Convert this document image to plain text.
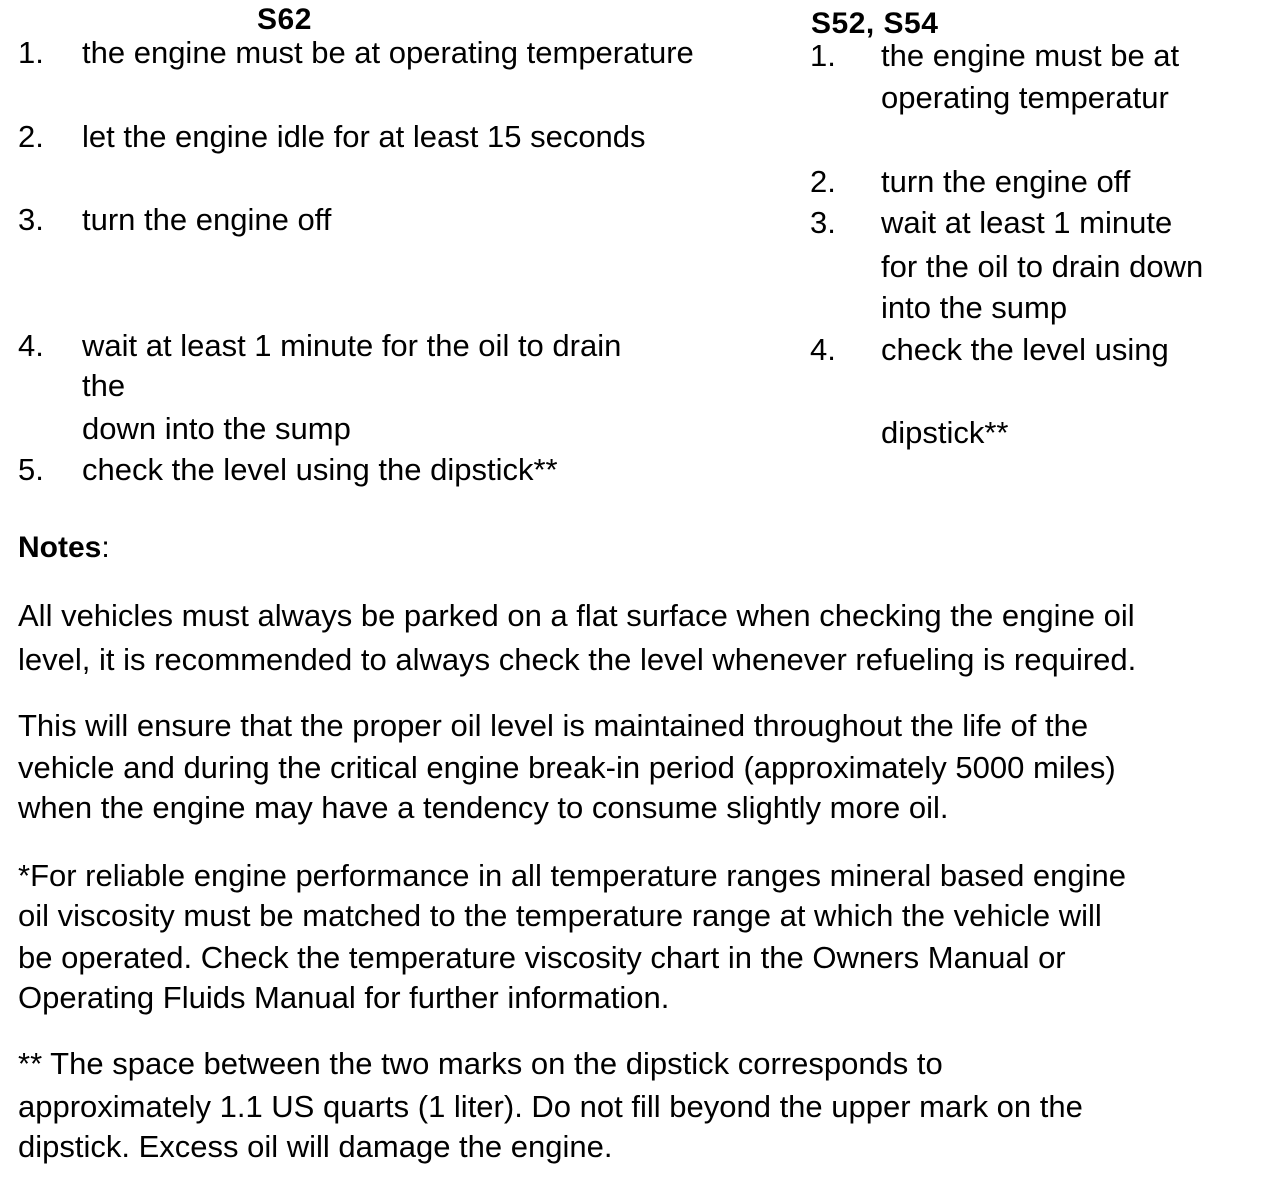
S62
1. the engine must be at operating temperature
2. let the engine idle for at least 15 seconds
3. turn the engine off
4. wait at least 1 minute for the oil to drain
the
down into the sump
5. check the level using the dipstick**
S52, S54
1. the engine must be at
operating temperatur
2. turn the engine off
3. wait at least 1 minute
for the oil to drain down
into the sump
4. check the level using
dipstick**
Notes:
All vehicles must always be parked on a flat surface when checking the engine oil
level, it is recommended to always check the level whenever refueling is required.
This will ensure that the proper oil level is maintained throughout the life of the
vehicle and during the critical engine break-in period (approximately 5000 miles)
when the engine may have a tendency to consume slightly more oil.
*For reliable engine performance in all temperature ranges mineral based engine
oil viscosity must be matched to the temperature range at which the vehicle will
be operated. Check the temperature viscosity chart in the Owners Manual or
Operating Fluids Manual for further information.
** The space between the two marks on the dipstick corresponds to
approximately 1.1 US quarts (1 liter). Do not fill beyond the upper mark on the
dipstick. Excess oil will damage the engine.
